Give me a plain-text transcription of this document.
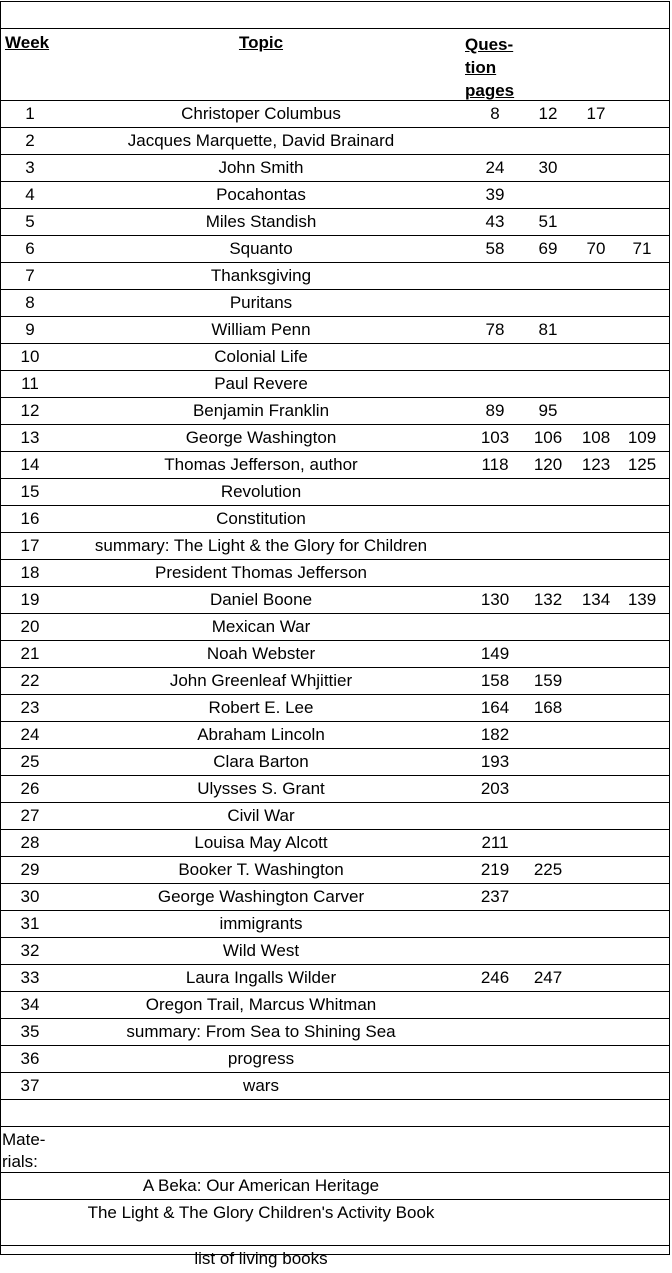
Week	Topic	Ques-tion pages
1	Christoper Columbus	8	12	17
2	Jacques Marquette, David Brainard
3	John Smith	24	30
4	Pocahontas	39
5	Miles Standish	43	51
6	Squanto	58	69	70	71
7	Thanksgiving
8	Puritans
9	William Penn	78	81
10	Colonial Life
11	Paul Revere
12	Benjamin Franklin	89	95
13	George Washington	103	106	108	109
14	Thomas Jefferson, author	118	120	123	125
15	Revolution
16	Constitution
17	summary: The Light & the Glory for Children
18	President Thomas Jefferson
19	Daniel Boone	130	132	134	139
20	Mexican War
21	Noah Webster	149
22	John Greenleaf Whjittier	158	159
23	Robert E. Lee	164	168
24	Abraham Lincoln	182
25	Clara Barton	193
26	Ulysses S. Grant	203
27	Civil War
28	Louisa May Alcott	211
29	Booker T. Washington	219	225
30	George Washington Carver	237
31	immigrants
32	Wild West
33	Laura Ingalls Wilder	246	247
34	Oregon Trail, Marcus Whitman
35	summary: From Sea to Shining Sea
36	progress
37	wars
Mate-rials:
A Beka: Our American Heritage
The Light & The Glory Children's Activity Book
list of living books
